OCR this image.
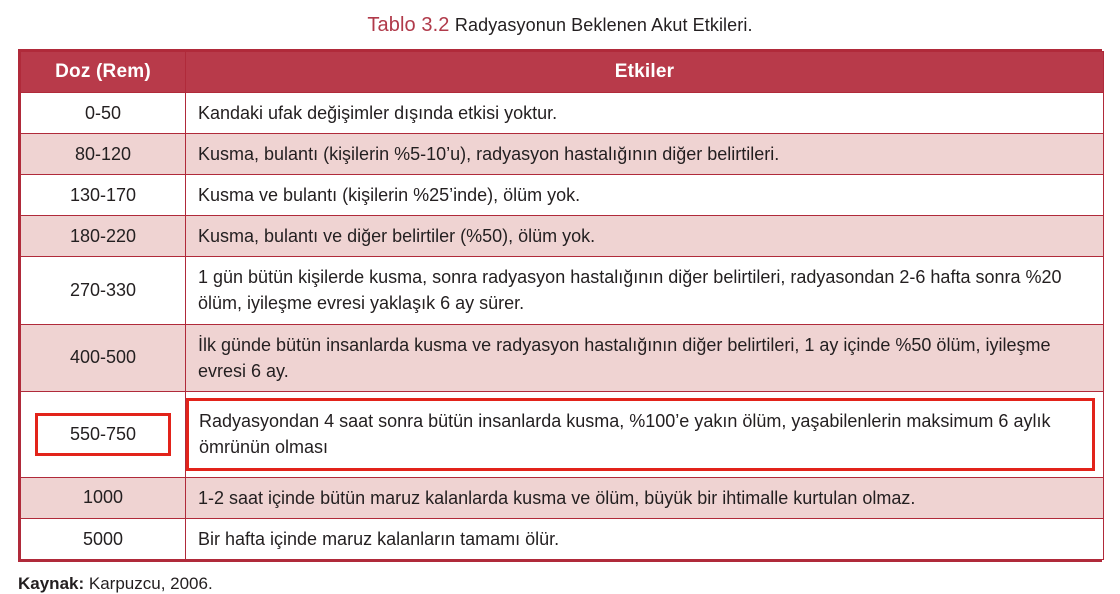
Tablo 3.2 Radyasyonun Beklenen Akut Etkileri.
Doz (Rem)	Etkiler
0-50	Kandaki ufak değişimler dışında etkisi yoktur.
80-120	Kusma, bulantı (kişilerin %5-10’u), radyasyon hastalığının diğer belirtileri.
130-170	Kusma ve bulantı (kişilerin %25’inde), ölüm yok.
180-220	Kusma, bulantı ve diğer belirtiler (%50), ölüm yok.
270-330	1 gün bütün kişilerde kusma, sonra radyasyon hastalığının diğer belirtileri, radyasondan 2-6 hafta sonra %20 ölüm, iyileşme evresi yaklaşık 6 ay sürer.
400-500	İlk günde bütün insanlarda kusma ve radyasyon hastalığının diğer belirtileri, 1 ay içinde %50 ölüm, iyileşme evresi 6 ay.

550-750	Radyasyondan 4 saat sonra bütün insanlarda kusma, %100’e yakın ölüm, yaşabilenlerin maksimum 6 aylık ömrünün olması

1000	1-2 saat içinde bütün maruz kalanlarda kusma ve ölüm, büyük bir ihtimalle kurtulan olmaz.
5000	Bir hafta içinde maruz kalanların tamamı ölür.
Kaynak: Karpuzcu, 2006.
